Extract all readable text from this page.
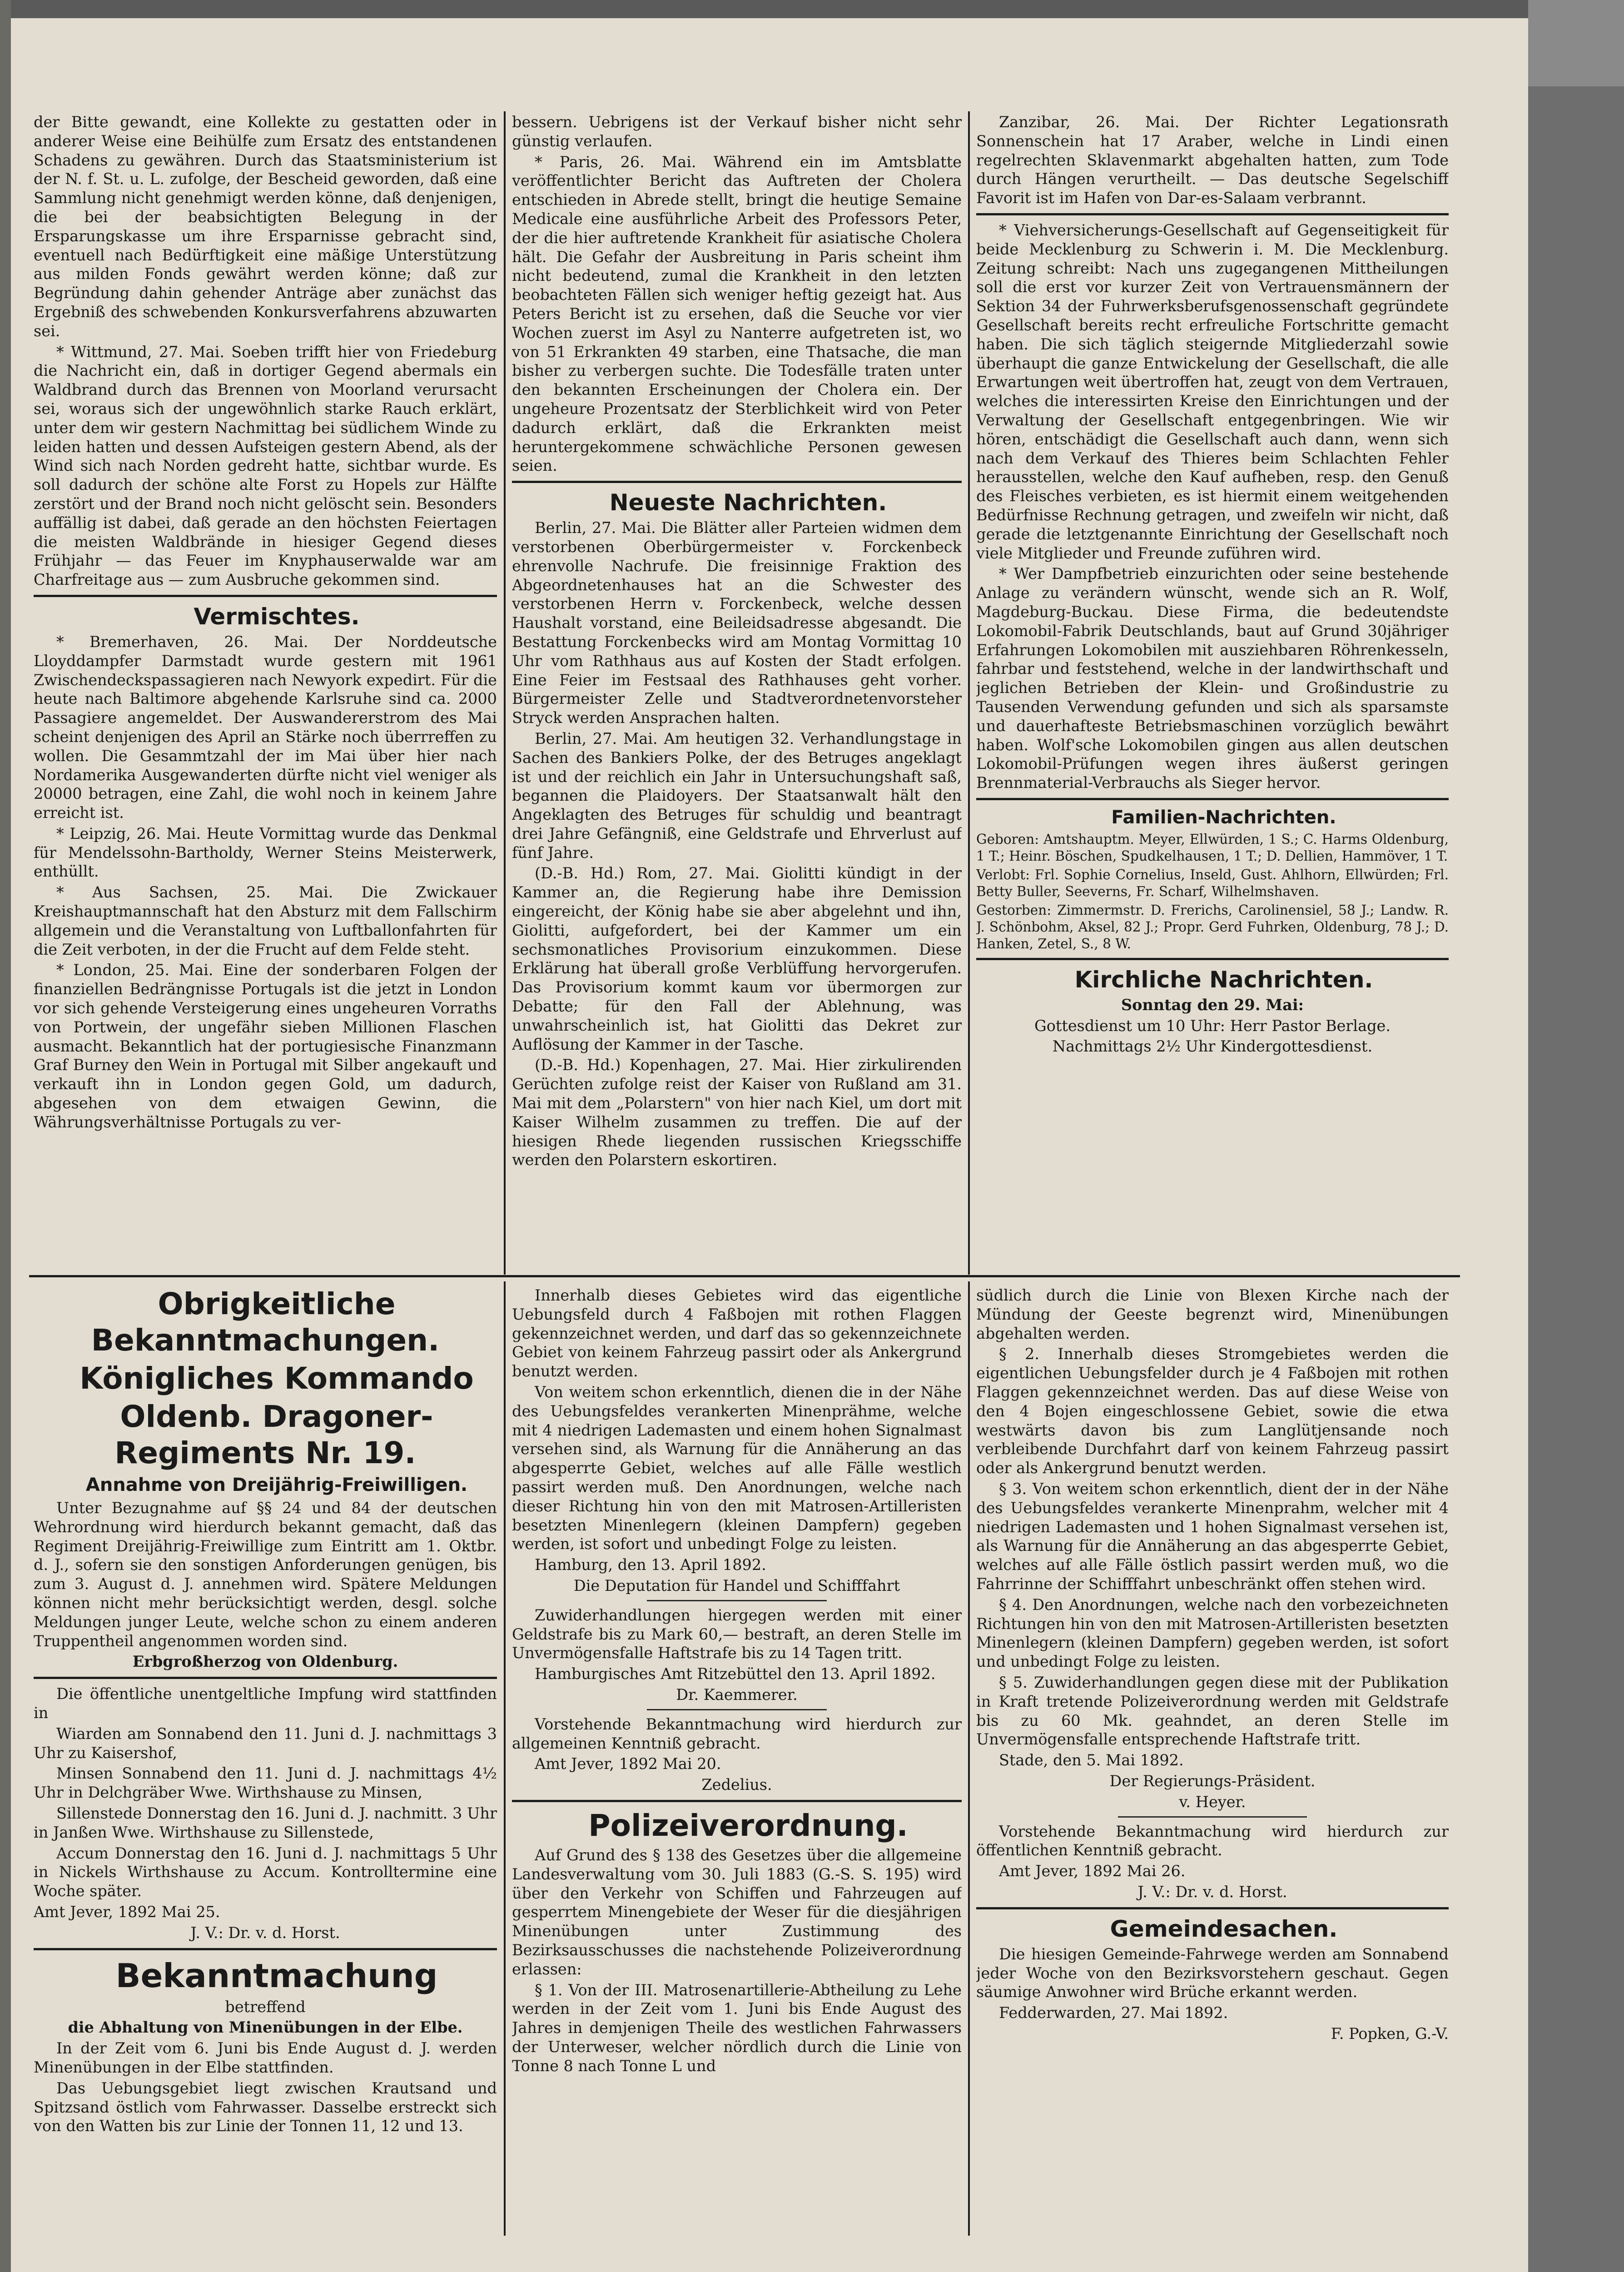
der Bitte gewandt, eine Kollekte zu gestatten oder in anderer Weise eine Beihülfe zum Ersatz des entstandenen Schadens zu gewähren. Durch das Staatsministerium ist der N. f. St. u. L. zufolge, der Bescheid geworden, daß eine Sammlung nicht genehmigt werden könne, daß denjenigen, die bei der beabsichtigten Belegung in der Ersparungskasse um ihre Ersparnisse gebracht sind, eventuell nach Bedürftigkeit eine mäßige Unterstützung aus milden Fonds gewährt werden könne; daß zur Begründung dahin gehender Anträge aber zunächst das Ergebniß des schwebenden Konkursverfahrens abzuwarten sei.

* Wittmund, 27. Mai. Soeben trifft hier von Friedeburg die Nachricht ein, daß in dortiger Gegend abermals ein Waldbrand durch das Brennen von Moorland verursacht sei, woraus sich der ungewöhnlich starke Rauch erklärt, unter dem wir gestern Nachmittag bei südlichem Winde zu leiden hatten und dessen Aufsteigen gestern Abend, als der Wind sich nach Norden gedreht hatte, sichtbar wurde. Es soll dadurch der schöne alte Forst zu Hopels zur Hälfte zerstört und der Brand noch nicht gelöscht sein. Besonders auffällig ist dabei, daß gerade an den höchsten Feiertagen die meisten Waldbrände in hiesiger Gegend dieses Frühjahr — das Feuer im Knyphauserwalde war am Charfreitage aus — zum Ausbruche gekommen sind.

Vermischtes.

* Bremerhaven, 26. Mai. Der Norddeutsche Lloyddampfer Darmstadt wurde gestern mit 1961 Zwischendeckspassagieren nach Newyork expedirt. Für die heute nach Baltimore abgehende Karlsruhe sind ca. 2000 Passagiere angemeldet. Der Auswandererstrom des Mai scheint denjenigen des April an Stärke noch überrreffen zu wollen. Die Gesammtzahl der im Mai über hier nach Nordamerika Ausgewanderten dürfte nicht viel weniger als 20000 betragen, eine Zahl, die wohl noch in keinem Jahre erreicht ist.

* Leipzig, 26. Mai. Heute Vormittag wurde das Denkmal für Mendelssohn-Bartholdy, Werner Steins Meisterwerk, enthüllt.

* Aus Sachsen, 25. Mai. Die Zwickauer Kreishauptmannschaft hat den Absturz mit dem Fallschirm allgemein und die Veranstaltung von Luftballonfahrten für die Zeit verboten, in der die Frucht auf dem Felde steht.

* London, 25. Mai. Eine der sonderbaren Folgen der finanziellen Bedrängnisse Portugals ist die jetzt in London vor sich gehende Versteigerung eines ungeheuren Vorraths von Portwein, der ungefähr sieben Millionen Flaschen ausmacht. Bekanntlich hat der portugiesische Finanzmann Graf Burney den Wein in Portugal mit Silber angekauft und verkauft ihn in London gegen Gold, um dadurch, abgesehen von dem etwaigen Gewinn, die Währungsverhältnisse Portugals zu ver-

bessern. Uebrigens ist der Verkauf bisher nicht sehr günstig verlaufen.

* Paris, 26. Mai. Während ein im Amtsblatte veröffentlichter Bericht das Auftreten der Cholera entschieden in Abrede stellt, bringt die heutige Semaine Medicale eine ausführliche Arbeit des Professors Peter, der die hier auftretende Krankheit für asiatische Cholera hält. Die Gefahr der Ausbreitung in Paris scheint ihm nicht bedeutend, zumal die Krankheit in den letzten beobachteten Fällen sich weniger heftig gezeigt hat. Aus Peters Bericht ist zu ersehen, daß die Seuche vor vier Wochen zuerst im Asyl zu Nanterre aufgetreten ist, wo von 51 Erkrankten 49 starben, eine Thatsache, die man bisher zu verbergen suchte. Die Todesfälle traten unter den bekannten Erscheinungen der Cholera ein. Der ungeheure Prozentsatz der Sterblichkeit wird von Peter dadurch erklärt, daß die Erkrankten meist heruntergekommene schwächliche Personen gewesen seien.

Neueste Nachrichten.

Berlin, 27. Mai. Die Blätter aller Parteien widmen dem verstorbenen Oberbürgermeister v. Forckenbeck ehrenvolle Nachrufe. Die freisinnige Fraktion des Abgeordnetenhauses hat an die Schwester des verstorbenen Herrn v. Forckenbeck, welche dessen Haushalt vorstand, eine Beileidsadresse abgesandt. Die Bestattung Forckenbecks wird am Montag Vormittag 10 Uhr vom Rathhaus aus auf Kosten der Stadt erfolgen. Eine Feier im Festsaal des Rathhauses geht vorher. Bürgermeister Zelle und Stadtverordnetenvorsteher Stryck werden Ansprachen halten.

Berlin, 27. Mai. Am heutigen 32. Verhandlungstage in Sachen des Bankiers Polke, der des Betruges angeklagt ist und der reichlich ein Jahr in Untersuchungshaft saß, begannen die Plaidoyers. Der Staatsanwalt hält den Angeklagten des Betruges für schuldig und beantragt drei Jahre Gefängniß, eine Geldstrafe und Ehrverlust auf fünf Jahre.

(D.-B. Hd.) Rom, 27. Mai. Giolitti kündigt in der Kammer an, die Regierung habe ihre Demission eingereicht, der König habe sie aber abgelehnt und ihn, Giolitti, aufgefordert, bei der Kammer um ein sechsmonatliches Provisorium einzukommen. Diese Erklärung hat überall große Verblüffung hervorgerufen. Das Provisorium kommt kaum vor übermorgen zur Debatte; für den Fall der Ablehnung, was unwahrscheinlich ist, hat Giolitti das Dekret zur Auflösung der Kammer in der Tasche.

(D.-B. Hd.) Kopenhagen, 27. Mai. Hier zirkulirenden Gerüchten zufolge reist der Kaiser von Rußland am 31. Mai mit dem „Polarstern" von hier nach Kiel, um dort mit Kaiser Wilhelm zusammen zu treffen. Die auf der hiesigen Rhede liegenden russischen Kriegsschiffe werden den Polarstern eskortiren.

Zanzibar, 26. Mai. Der Richter Legationsrath Sonnenschein hat 17 Araber, welche in Lindi einen regelrechten Sklavenmarkt abgehalten hatten, zum Tode durch Hängen verurtheilt. — Das deutsche Segelschiff Favorit ist im Hafen von Dar-es-Salaam verbrannt.

* Viehversicherungs-Gesellschaft auf Gegenseitigkeit für beide Mecklenburg zu Schwerin i. M. Die Mecklenburg. Zeitung schreibt: Nach uns zugegangenen Mittheilungen soll die erst vor kurzer Zeit von Vertrauensmännern der Sektion 34 der Fuhrwerksberufsgenossenschaft gegründete Gesellschaft bereits recht erfreuliche Fortschritte gemacht haben. Die sich täglich steigernde Mitgliederzahl sowie überhaupt die ganze Entwickelung der Gesellschaft, die alle Erwartungen weit übertroffen hat, zeugt von dem Vertrauen, welches die interessirten Kreise den Einrichtungen und der Verwaltung der Gesellschaft entgegenbringen. Wie wir hören, entschädigt die Gesellschaft auch dann, wenn sich nach dem Verkauf des Thieres beim Schlachten Fehler herausstellen, welche den Kauf aufheben, resp. den Genuß des Fleisches verbieten, es ist hiermit einem weitgehenden Bedürfnisse Rechnung getragen, und zweifeln wir nicht, daß gerade die letztgenannte Einrichtung der Gesellschaft noch viele Mitglieder und Freunde zuführen wird.

* Wer Dampfbetrieb einzurichten oder seine bestehende Anlage zu verändern wünscht, wende sich an R. Wolf, Magdeburg-Buckau. Diese Firma, die bedeutendste Lokomobil-Fabrik Deutschlands, baut auf Grund 30jähriger Erfahrungen Lokomobilen mit ausziehbaren Röhrenkesseln, fahrbar und feststehend, welche in der landwirthschaft und jeglichen Betrieben der Klein- und Großindustrie zu Tausenden Verwendung gefunden und sich als sparsamste und dauerhafteste Betriebsmaschinen vorzüglich bewährt haben. Wolf'sche Lokomobilen gingen aus allen deutschen Lokomobil-Prüfungen wegen ihres äußerst geringen Brennmaterial-Verbrauchs als Sieger hervor.

Familien-Nachrichten.

Geboren: Amtshauptm. Meyer, Ellwürden, 1 S.; C. Harms Oldenburg, 1 T.; Heinr. Böschen, Spudkelhausen, 1 T.; D. Dellien, Hammöver, 1 T.

Verlobt: Frl. Sophie Cornelius, Inseld, Gust. Ahlhorn, Ellwürden; Frl. Betty Buller, Seeverns, Fr. Scharf, Wilhelmshaven.

Gestorben: Zimmermstr. D. Frerichs, Carolinensiel, 58 J.; Landw. R. J. Schönbohm, Aksel, 82 J.; Propr. Gerd Fuhrken, Oldenburg, 78 J.; D. Hanken, Zetel, S., 8 W.

Kirchliche Nachrichten.

Sonntag den 29. Mai:

Gottesdienst um 10 Uhr: Herr Pastor Berlage.

Nachmittags 2½ Uhr Kindergottesdienst.

Obrigkeitliche Bekanntmachungen.

Königliches Kommando

Oldenb. Dragoner-Regiments Nr. 19.

Annahme von Dreijährig-Freiwilligen.

Unter Bezugnahme auf §§ 24 und 84 der deutschen Wehrordnung wird hierdurch bekannt gemacht, daß das Regiment Dreijährig-Freiwillige zum Eintritt am 1. Oktbr. d. J., sofern sie den sonstigen Anforderungen genügen, bis zum 3. August d. J. annehmen wird. Spätere Meldungen können nicht mehr berücksichtigt werden, desgl. solche Meldungen junger Leute, welche schon zu einem anderen Truppentheil angenommen worden sind.

Erbgroßherzog von Oldenburg.

Die öffentliche unentgeltliche Impfung wird stattfinden in

Wiarden am Sonnabend den 11. Juni d. J. nachmittags 3 Uhr zu Kaisershof,

Minsen Sonnabend den 11. Juni d. J. nachmittags 4½ Uhr in Delchgräber Wwe. Wirthshause zu Minsen,

Sillenstede Donnerstag den 16. Juni d. J. nachmitt. 3 Uhr in Janßen Wwe. Wirthshause zu Sillenstede,

Accum Donnerstag den 16. Juni d. J. nachmittags 5 Uhr in Nickels Wirthshause zu Accum. Kontrolltermine eine Woche später.

Amt Jever, 1892 Mai 25.

J. V.: Dr. v. d. Horst.

Bekanntmachung

betreffend

die Abhaltung von Minenübungen in der Elbe.

In der Zeit vom 6. Juni bis Ende August d. J. werden Minenübungen in der Elbe stattfinden.

Das Uebungsgebiet liegt zwischen Krautsand und Spitzsand östlich vom Fahrwasser. Dasselbe erstreckt sich von den Watten bis zur Linie der Tonnen 11, 12 und 13.

Innerhalb dieses Gebietes wird das eigentliche Uebungsfeld durch 4 Faßbojen mit rothen Flaggen gekennzeichnet werden, und darf das so gekennzeichnete Gebiet von keinem Fahrzeug passirt oder als Ankergrund benutzt werden.

Von weitem schon erkenntlich, dienen die in der Nähe des Uebungsfeldes verankerten Minenprähme, welche mit 4 niedrigen Lademasten und einem hohen Signalmast versehen sind, als Warnung für die Annäherung an das abgesperrte Gebiet, welches auf alle Fälle westlich passirt werden muß. Den Anordnungen, welche nach dieser Richtung hin von den mit Matrosen-Artilleristen besetzten Minenlegern (kleinen Dampfern) gegeben werden, ist sofort und unbedingt Folge zu leisten.

Hamburg, den 13. April 1892.

Die Deputation für Handel und Schifffahrt

Zuwiderhandlungen hiergegen werden mit einer Geldstrafe bis zu Mark 60,— bestraft, an deren Stelle im Unvermögensfalle Haftstrafe bis zu 14 Tagen tritt.

Hamburgisches Amt Ritzebüttel den 13. April 1892.

Dr. Kaemmerer.

Vorstehende Bekanntmachung wird hierdurch zur allgemeinen Kenntniß gebracht.

Amt Jever, 1892 Mai 20.

Zedelius.

Polizeiverordnung.

Auf Grund des § 138 des Gesetzes über die allgemeine Landesverwaltung vom 30. Juli 1883 (G.-S. S. 195) wird über den Verkehr von Schiffen und Fahrzeugen auf gesperrtem Minengebiete der Weser für die diesjährigen Minenübungen unter Zustimmung des Bezirksausschusses die nachstehende Polizeiverordnung erlassen:

§ 1. Von der III. Matrosenartillerie-Abtheilung zu Lehe werden in der Zeit vom 1. Juni bis Ende August des Jahres in demjenigen Theile des westlichen Fahrwassers der Unterweser, welcher nördlich durch die Linie von Tonne 8 nach Tonne L und

südlich durch die Linie von Blexen Kirche nach der Mündung der Geeste begrenzt wird, Minenübungen abgehalten werden.

§ 2. Innerhalb dieses Stromgebietes werden die eigentlichen Uebungsfelder durch je 4 Faßbojen mit rothen Flaggen gekennzeichnet werden. Das auf diese Weise von den 4 Bojen eingeschlossene Gebiet, sowie die etwa westwärts davon bis zum Langlütjensande noch verbleibende Durchfahrt darf von keinem Fahrzeug passirt oder als Ankergrund benutzt werden.

§ 3. Von weitem schon erkenntlich, dient der in der Nähe des Uebungsfeldes verankerte Minenprahm, welcher mit 4 niedrigen Lademasten und 1 hohen Signalmast versehen ist, als Warnung für die Annäherung an das abgesperrte Gebiet, welches auf alle Fälle östlich passirt werden muß, wo die Fahrrinne der Schifffahrt unbeschränkt offen stehen wird.

§ 4. Den Anordnungen, welche nach den vorbezeichneten Richtungen hin von den mit Matrosen-Artilleristen besetzten Minenlegern (kleinen Dampfern) gegeben werden, ist sofort und unbedingt Folge zu leisten.

§ 5. Zuwiderhandlungen gegen diese mit der Publikation in Kraft tretende Polizeiverordnung werden mit Geldstrafe bis zu 60 Mk. geahndet, an deren Stelle im Unvermögensfalle entsprechende Haftstrafe tritt.

Stade, den 5. Mai 1892.

Der Regierungs-Präsident.

v. Heyer.

Vorstehende Bekanntmachung wird hierdurch zur öffentlichen Kenntniß gebracht.

Amt Jever, 1892 Mai 26.

J. V.: Dr. v. d. Horst.

Gemeindesachen.

Die hiesigen Gemeinde-Fahrwege werden am Sonnabend jeder Woche von den Bezirksvorstehern geschaut. Gegen säumige Anwohner wird Brüche erkannt werden.

Fedderwarden, 27. Mai 1892.

F. Popken, G.-V.
